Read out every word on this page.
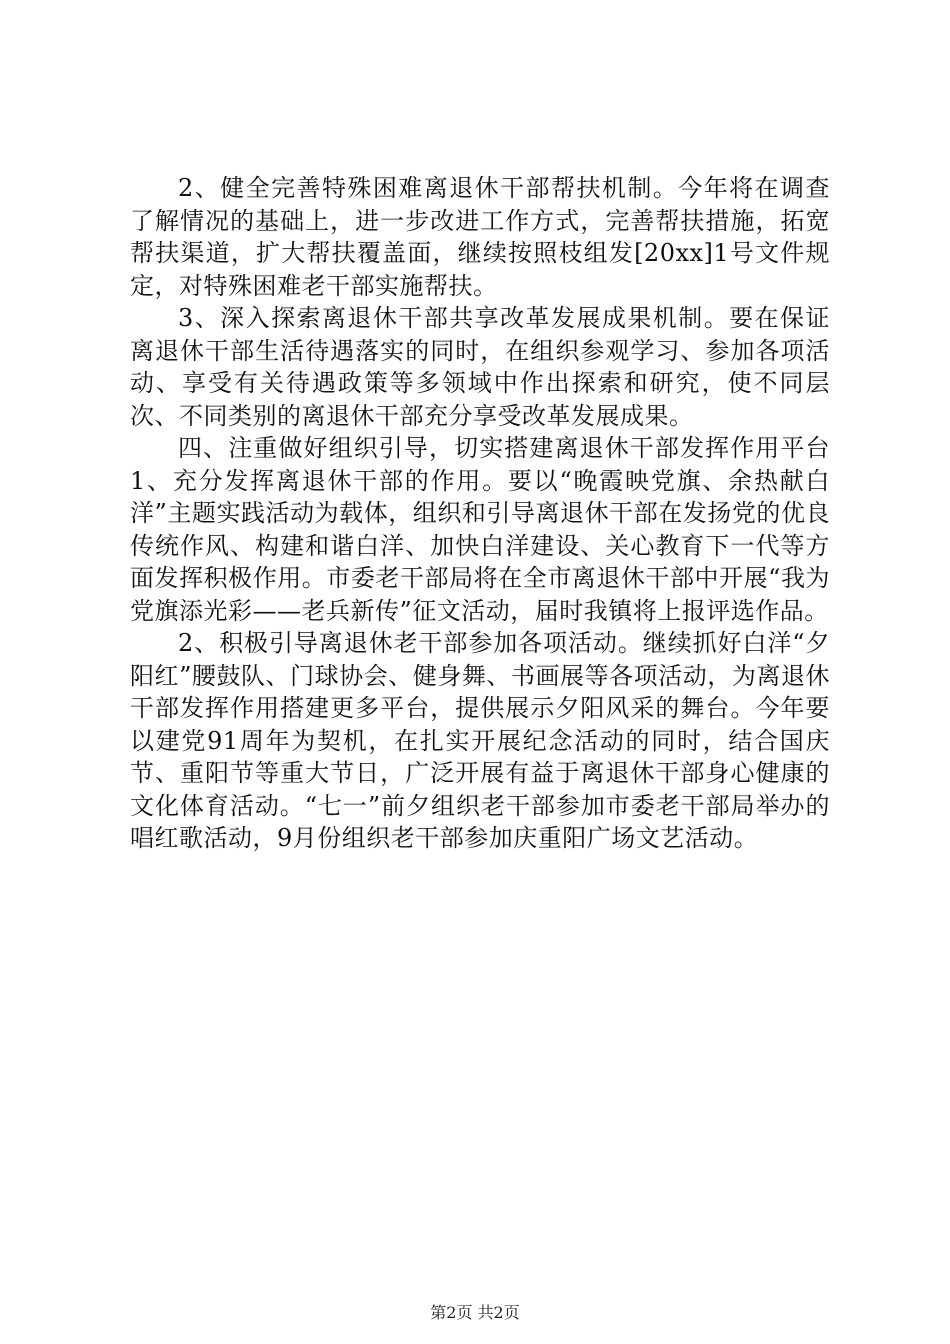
2、健全完善特殊困难离退休干部帮扶机制。今年将在调查了解情况的基础上，进一步改进工作方式，完善帮扶措施，拓宽帮扶渠道，扩大帮扶覆盖面，继续按照枝组发[20xx]1号文件规定，对特殊困难老干部实施帮扶。

3、深入探索离退休干部共享改革发展成果机制。要在保证离退休干部生活待遇落实的同时，在组织参观学习、参加各项活动、享受有关待遇政策等多领域中作出探索和研究，使不同层次、不同类别的离退休干部充分享受改革发展成果。

四、注重做好组织引导，切实搭建离退休干部发挥作用平台1、充分发挥离退休干部的作用。要以“晚霞映党旗、余热献白洋”主题实践活动为载体，组织和引导离退休干部在发扬党的优良传统作风、构建和谐白洋、加快白洋建设、关心教育下一代等方面发挥积极作用。市委老干部局将在全市离退休干部中开展“我为党旗添光彩——老兵新传”征文活动，届时我镇将上报评选作品。

2、积极引导离退休老干部参加各项活动。继续抓好白洋“夕阳红”腰鼓队、门球协会、健身舞、书画展等各项活动，为离退休干部发挥作用搭建更多平台，提供展示夕阳风采的舞台。今年要以建党91周年为契机，在扎实开展纪念活动的同时，结合国庆节、重阳节等重大节日，广泛开展有益于离退休干部身心健康的文化体育活动。“七一”前夕组织老干部参加市委老干部局举办的唱红歌活动，9月份组织老干部参加庆重阳广场文艺活动。

第2页 共2页
